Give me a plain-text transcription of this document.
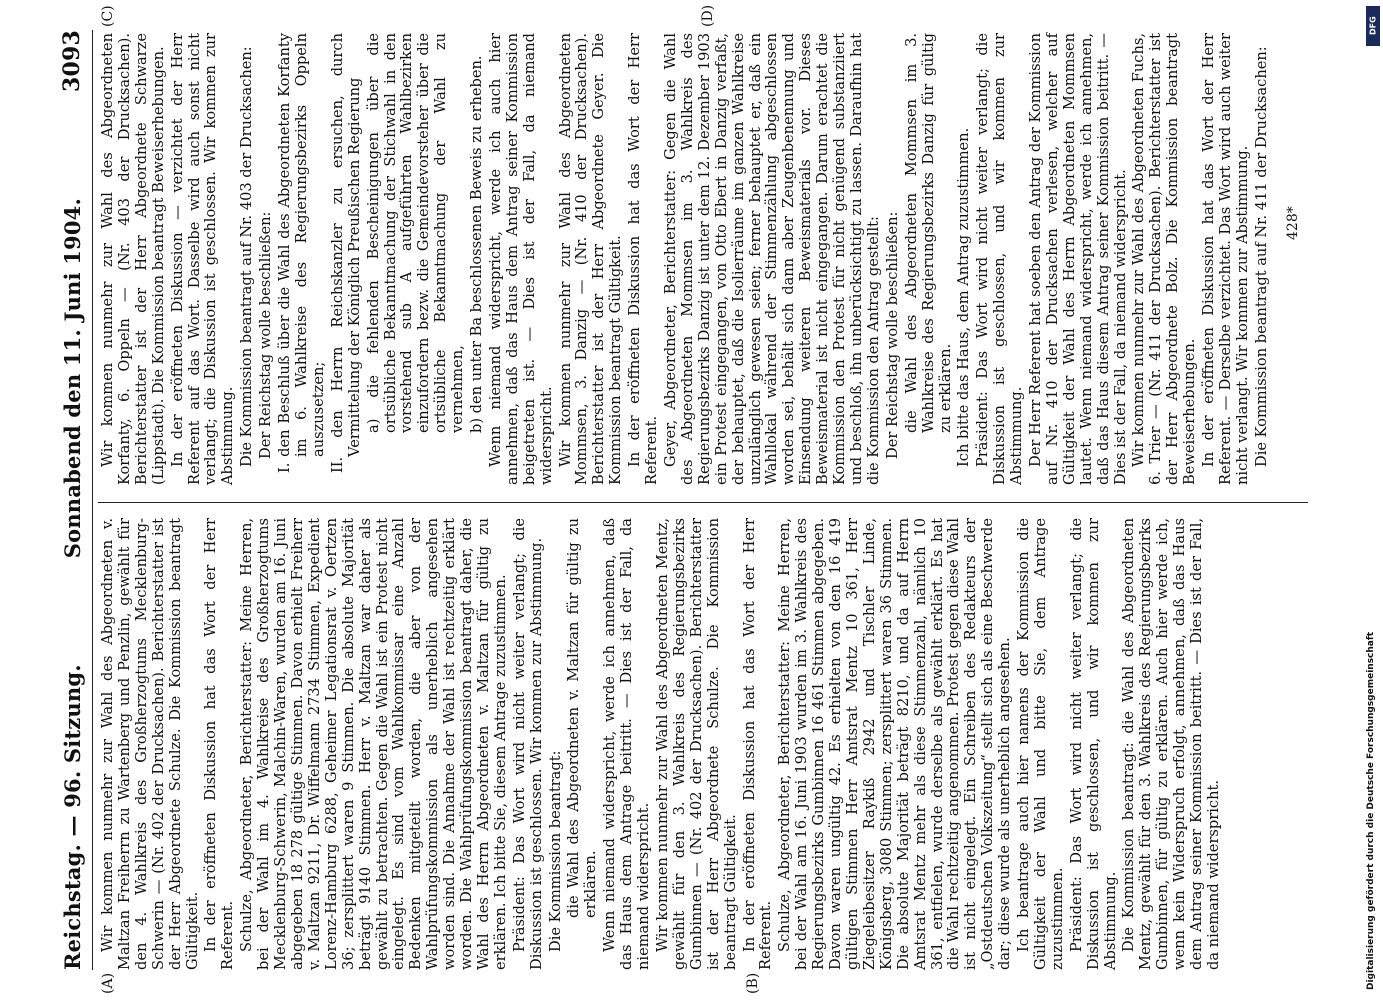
Reichstag. — 96. Sitzung.
Sonnabend den 11. Juni 1904.
3093
(A)	(B)
(C)	(D)

Wir kommen nunmehr zur Wahl des Abgeordneten v. Maltzan Freiherrn zu Wartenberg und Penzlin, gewählt für den 4. Wahlkreis des Großherzogtums Mecklenburg-Schwerin — (Nr. 402 der Drucksachen). Berichterstatter ist der Herr Abgeordnete Schulze. Die Kommission beantragt Gültigkeit. In der eröffneten Diskussion hat das Wort der Herr Referent. Schulze, Abgeordneter, Berichterstatter: Meine Herren, bei der Wahl im 4. Wahlkreise des Großherzogtums Mecklenburg-Schwerin, Malchin-Waren, wurden am 16. Juni abgegeben 18 278 gültige Stimmen. Davon erhielt Freiherr v. Maltzan 9211, Dr. Wiffelmann 2734 Stimmen, Expedient Lorenz-Hamburg 6288, Geheimer Legationsrat v. Oertzen 36; zersplittert waren 9 Stimmen. Die absolute Majorität beträgt 9140 Stimmen. Herr v. Maltzan war daher als gewählt zu betrachten. Gegen die Wahl ist ein Protest nicht eingelegt. Es sind vom Wahlkommissar eine Anzahl Bedenken mitgeteilt worden, die aber von der Wahlprüfungskommission als unerheblich angesehen worden sind. Die Annahme der Wahl ist rechtzeitig erklärt worden. Die Wahlprüfungskommission beantragt daher, die Wahl des Herrn Abgeordneten v. Maltzan für gültig zu erklären. Ich bitte Sie, diesem Antrage zuzustimmen. Präsident: Das Wort wird nicht weiter verlangt; die Diskussion ist geschlossen. Wir kommen zur Abstimmung. Die Kommission beantragt: die Wahl des Abgeordneten v. Maltzan für gültig zu erklären. Wenn niemand widerspricht, werde ich annehmen, daß das Haus dem Antrage beitritt. — Dies ist der Fall, da niemand widerspricht. Wir kommen nunmehr zur Wahl des Abgeordneten Mentz, gewählt für den 3. Wahlkreis des Regierungsbezirks Gumbinnen — (Nr. 402 der Drucksachen). Berichterstatter ist der Herr Abgeordnete Schulze. Die Kommission beantragt Gültigkeit. In der eröffneten Diskussion hat das Wort der Herr Referent. Schulze, Abgeordneter, Berichterstatter: Meine Herren, bei der Wahl am 16. Juni 1903 wurden im 3. Wahlkreis des Regierungsbezirks Gumbinnen 16 461 Stimmen abgegeben. Davon waren ungültig 42. Es erhielten von den 16 419 gültigen Stimmen Herr Amtsrat Mentz 10 361, Herr Ziegeleibesitzer Raykiß 2942 und Tischler Linde, Königsberg, 3080 Stimmen; zersplittert waren 36 Stimmen. Die absolute Majorität beträgt 8210, und da auf Herrn Amtsrat Mentz mehr als diese Stimmenzahl, nämlich 10 361, entfielen, wurde derselbe als gewählt erklärt. Es hat die Wahl rechtzeitig angenommen. Protest gegen diese Wahl ist nicht eingelegt. Ein Schreiben des Redakteurs der „Ostdeutschen Volkszeitung“ stellt sich als eine Beschwerde dar; diese wurde als unerheblich angesehen. Ich beantrage auch hier namens der Kommission die Gültigkeit der Wahl und bitte Sie, dem Antrage zuzustimmen. Präsident: Das Wort wird nicht weiter verlangt; die Diskussion ist geschlossen, und wir kommen zur Abstimmung. Die Kommission beantragt: die Wahl des Abgeordneten Mentz, gewählt für den 3. Wahlkreis des Regierungsbezirks Gumbinnen, für gültig zu erklären. Auch hier werde ich, wenn kein Widerspruch erfolgt, annehmen, daß das Haus dem Antrag seiner Kommission beitritt. — Dies ist der Fall, da niemand widerspricht.

Wir kommen nunmehr zur Wahl des Abgeordneten Korfanty, 6. Oppeln — (Nr. 403 der Drucksachen). Berichterstatter ist der Herr Abgeordnete Schwarze (Lippstadt). Die Kommission beantragt Beweiserhebungen. In der eröffneten Diskussion — verzichtet der Herr Referent auf das Wort. Dasselbe wird auch sonst nicht verlangt; die Diskussion ist geschlossen. Wir kommen zur Abstimmung. Die Kommission beantragt auf Nr. 403 der Drucksachen: Der Reichstag wolle beschließen: I. den Beschluß über die Wahl des Abgeordneten Korfanty im 6. Wahlkreise des Regierungsbezirks Oppeln auszusetzen; II. den Herrn Reichskanzler zu ersuchen, durch Vermittelung der Königlich Preußischen Regierung a) die fehlenden Bescheinigungen über die ortsübliche Bekanntmachung der Stichwahl in den vorstehend sub A aufgeführten Wahlbezirken einzufordern bezw. die Gemeindevorsteher über die ortsübliche Bekanntmachung der Wahl zu vernehmen, b) den unter Ba beschlossenen Beweis zu erheben. Wenn niemand widerspricht, werde ich auch hier annehmen, daß das Haus dem Antrag seiner Kommission beigetreten ist. — Dies ist der Fall, da niemand widerspricht. Wir kommen nunmehr zur Wahl des Abgeordneten Mommsen, 3. Danzig — (Nr. 410 der Drucksachen). Berichterstatter ist der Herr Abgeordnete Geyer. Die Kommission beantragt Gültigkeit. In der eröffneten Diskussion hat das Wort der Herr Referent. Geyer, Abgeordneter, Berichterstatter: Gegen die Wahl des Abgeordneten Mommsen im 3. Wahlkreis des Regierungsbezirks Danzig ist unter dem 12. Dezember 1903 ein Protest eingegangen, von Otto Ebert in Danzig verfaßt, der behauptet, daß die Isolierräume im ganzen Wahlkreise unzulänglich gewesen seien; ferner behauptet er, daß ein Wahllokal während der Stimmenzählung abgeschlossen worden sei, behält sich dann aber Zeugenbenennung und Einsendung weiteren Beweismaterials vor. Dieses Beweismaterial ist nicht eingegangen. Darum erachtet die Kommission den Protest für nicht genügend substanziiert und beschloß, ihn unberücksichtigt zu lassen. Daraufhin hat die Kommission den Antrag gestellt: Der Reichstag wolle beschließen: die Wahl des Abgeordneten Mommsen im 3. Wahlkreise des Regierungsbezirks Danzig für gültig zu erklären. Ich bitte das Haus, dem Antrag zuzustimmen. Präsident: Das Wort wird nicht weiter verlangt; die Diskussion ist geschlossen, und wir kommen zur Abstimmung. Der Herr Referent hat soeben den Antrag der Kommission auf Nr. 410 der Drucksachen verlesen, welcher auf Gültigkeit der Wahl des Herrn Abgeordneten Mommsen lautet. Wenn niemand widerspricht, werde ich annehmen, daß das Haus diesem Antrag seiner Kommission beitritt. — Dies ist der Fall, da niemand widerspricht. Wir kommen nunmehr zur Wahl des Abgeordneten Fuchs, 6. Trier — (Nr. 411 der Drucksachen). Berichterstatter ist der Herr Abgeordnete Bolz. Die Kommission beantragt Beweiserhebungen. In der eröffneten Diskussion hat das Wort der Herr Referent. — Derselbe verzichtet. Das Wort wird auch weiter nicht verlangt. Wir kommen zur Abstimmung. Die Kommission beantragt auf Nr. 411 der Drucksachen: 428*
DFG
Digitalisierung gefördert durch die Deutsche Forschungsgemeinschaft
